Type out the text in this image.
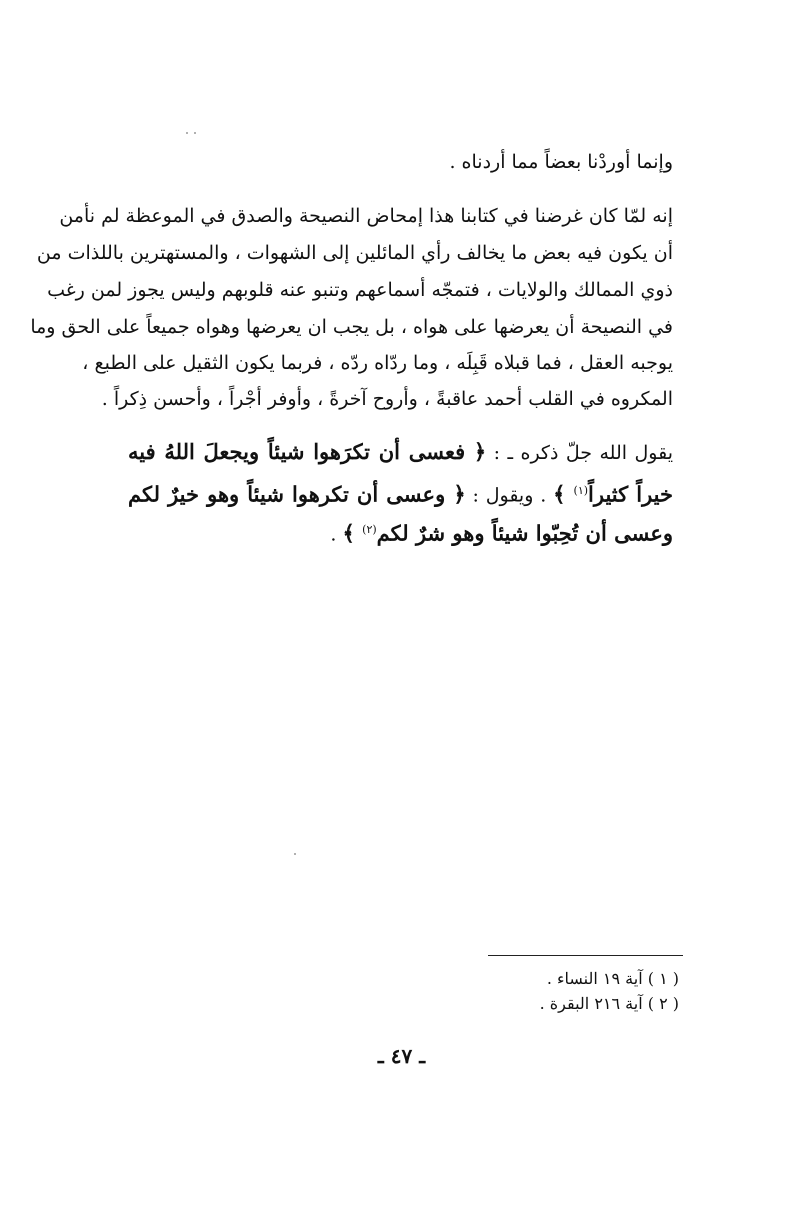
وإنما أوردْنا بعضاً مما أردناه .
إنه لمّا كان غرضنا في كتابنا هذا إمحاض النصيحة والصدق في الموعظة لم نأمن
أن يكون فيه بعض ما يخالف رأي المائلين إلى الشهوات ، والمستهترين باللذات من
ذوي الممالك والولايات ، فتمجّه أسماعهم وتنبو عنه قلوبهم وليس يجوز لمن رغب
في النصيحة أن يعرضها على هواه ، بل يجب ان يعرضها وهواه جميعاً على الحق وما
يوجبه العقل ، فما قبلاه قَبِلَه ، وما ردّاه ردّه ، فربما يكون الثقيل على الطبع ،
المكروه في القلب أحمد عاقبةً ، وأروح آخرةً ، وأوفر أجْراً ، وأحسن ذِكراً .
يقول الله جلّ ذكره ـ : ﴿ فعسى أن تكرَهوا شيئاً ويجعلَ اللهُ فيه
خيراً كثيراً$^{(١)}$ ﴾ . ويقول : ﴿ وعسى أن تكرهوا شيئاً وهو خيرٌ لكم
وعسى أن تُحِبّوا شيئاً وهو شرٌ لكم$^{(٢)}$ ﴾ .
( ١ ) آية ١٩ النساء .
( ٢ ) آية ٢١٦ البقرة .
ـ ٤٧ ـ
